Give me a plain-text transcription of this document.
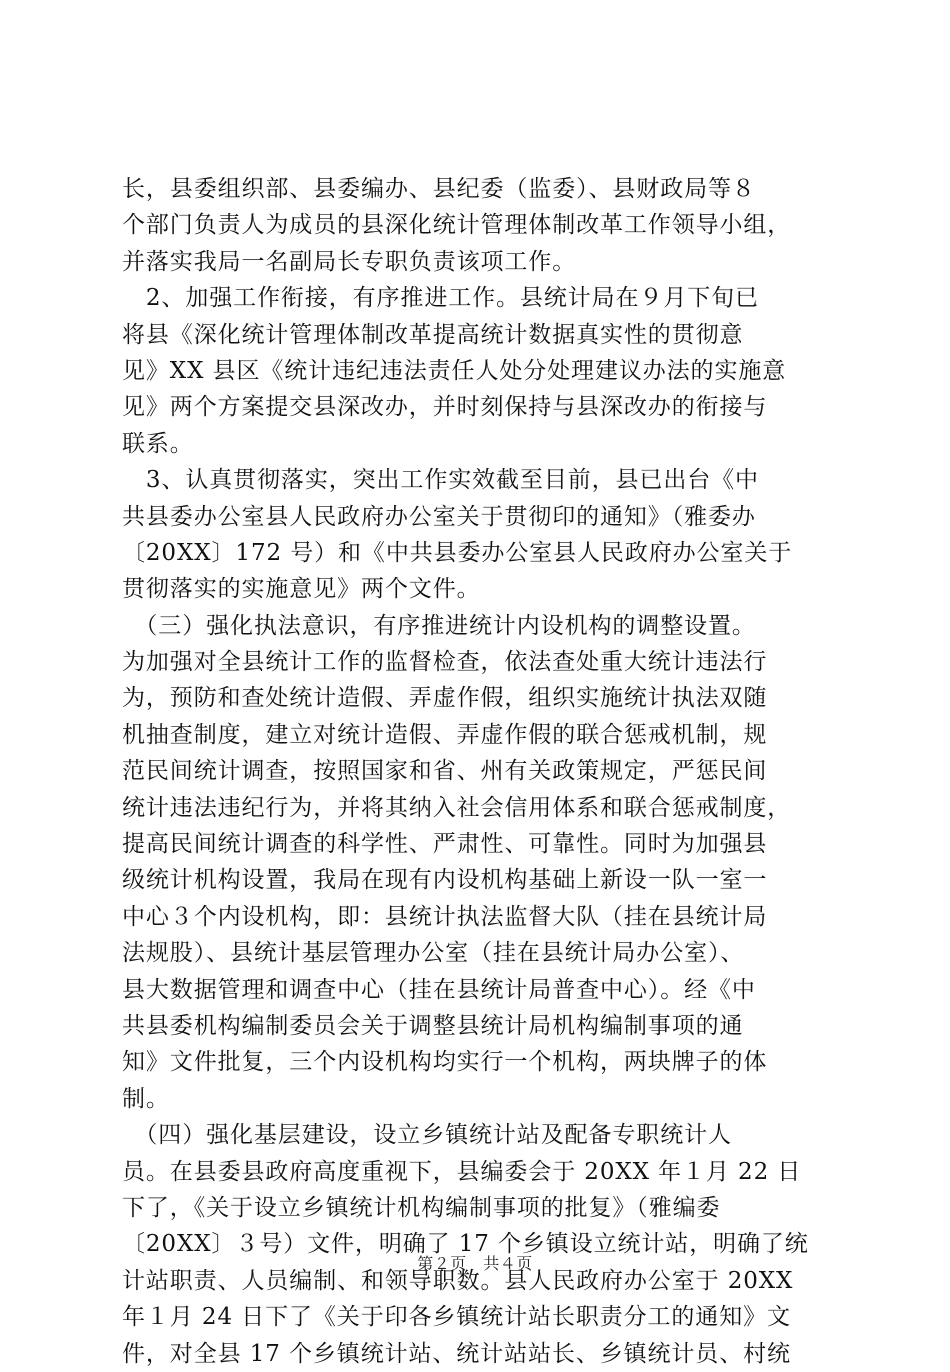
长，县委组织部、县委编办、县纪委（监委）、县财政局等８
个部门负责人为成员的县深化统计管理体制改革工作领导小组，
并落实我局一名副局长专职负责该项工作。
　2、加强工作衔接，有序推进工作。县统计局在９月下旬已
将县《深化统计管理体制改革提高统计数据真实性的贯彻意
见》XX 县区《统计违纪违法责任人处分处理建议办法的实施意
见》两个方案提交县深改办，并时刻保持与县深改办的衔接与
联系。
　3、认真贯彻落实，突出工作实效截至目前，县已出台《中
共县委办公室县人民政府办公室关于贯彻印的通知》（雅委办
〔20XX〕172 号）和《中共县委办公室县人民政府办公室关于
贯彻落实的实施意见》两个文件。
　（三）强化执法意识，有序推进统计内设机构的调整设置。
为加强对全县统计工作的监督检查，依法查处重大统计违法行
为，预防和查处统计造假、弄虚作假，组织实施统计执法双随
机抽查制度，建立对统计造假、弄虚作假的联合惩戒机制，规
范民间统计调查，按照国家和省、州有关政策规定，严惩民间
统计违法违纪行为，并将其纳入社会信用体系和联合惩戒制度，
提高民间统计调查的科学性、严肃性、可靠性。同时为加强县
级统计机构设置，我局在现有内设机构基础上新设一队一室一
中心３个内设机构，即：县统计执法监督大队（挂在县统计局
法规股）、县统计基层管理办公室（挂在县统计局办公室）、
县大数据管理和调查中心（挂在县统计局普查中心）。经《中
共县委机构编制委员会关于调整县统计局机构编制事项的通
知》文件批复，三个内设机构均实行一个机构，两块牌子的体
制。
　（四）强化基层建设，设立乡镇统计站及配备专职统计人
员。在县委县政府高度重视下，县编委会于 20XX 年１月 22 日
下了，《关于设立乡镇统计机构编制事项的批复》（雅编委
〔20XX〕３号）文件，明确了 17 个乡镇设立统计站，明确了统
计站职责、人员编制、和领导职数。县人民政府办公室于 20XX
年１月 24 日下了《关于印各乡镇统计站长职责分工的通知》文
件，对全县 17 个乡镇统计站、统计站站长、乡镇统计员、村统
第２页　共４页
